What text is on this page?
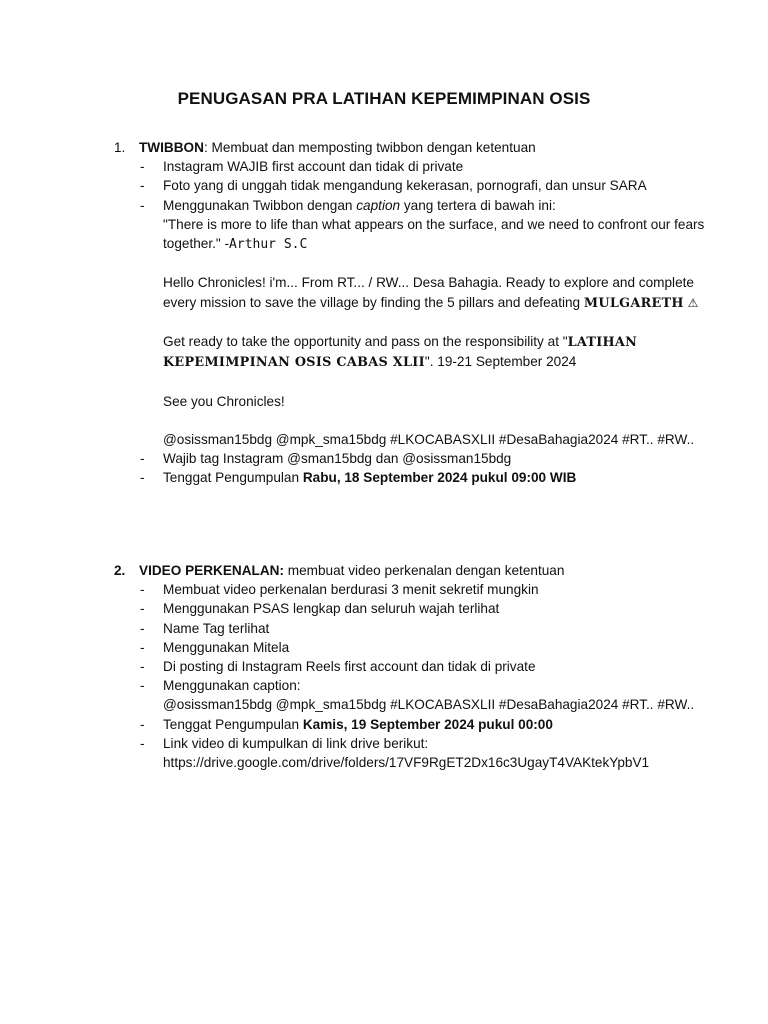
PENUGASAN PRA LATIHAN KEPEMIMPINAN OSIS
1. TWIBBON: Membuat dan memposting twibbon dengan ketentuan
- Instagram WAJIB first account dan tidak di private
- Foto yang di unggah tidak mengandung kekerasan, pornografi, dan unsur SARA
- Menggunakan Twibbon dengan caption yang tertera di bawah ini:

"There is more to life than what appears on the surface, and we need to confront our fears together." -Arthur S.C

Hello Chronicles! i'm... From RT... / RW... Desa Bahagia. Ready to explore and complete every mission to save the village by finding the 5 pillars and defeating MULGARETH ⚠

Get ready to take the opportunity and pass on the responsibility at "LATIHAN KEPEMIMPINAN OSIS CABAS XLII". 19-21 September 2024

See you Chronicles!

@osissman15bdg @mpk_sma15bdg #LKOCABASXLII #DesaBahagia2024 #RT.. #RW..

- Wajib tag Instagram @sman15bdg dan @osissman15bdg
- Tenggat Pengumpulan Rabu, 18 September 2024 pukul 09:00 WIB
2. VIDEO PERKENALAN: membuat video perkenalan dengan ketentuan
- Membuat video perkenalan berdurasi 3 menit sekretif mungkin
- Menggunakan PSAS lengkap dan seluruh wajah terlihat
- Name Tag terlihat
- Menggunakan Mitela
- Di posting di Instagram Reels first account dan tidak di private
- Menggunakan caption:

@osissman15bdg @mpk_sma15bdg #LKOCABASXLII #DesaBahagia2024 #RT.. #RW..

- Tenggat Pengumpulan Kamis, 19 September 2024 pukul 00:00
- Link video di kumpulkan di link drive berikut:

https://drive.google.com/drive/folders/17VF9RgET2Dx16c3UgayT4VAKtekYpbV1
